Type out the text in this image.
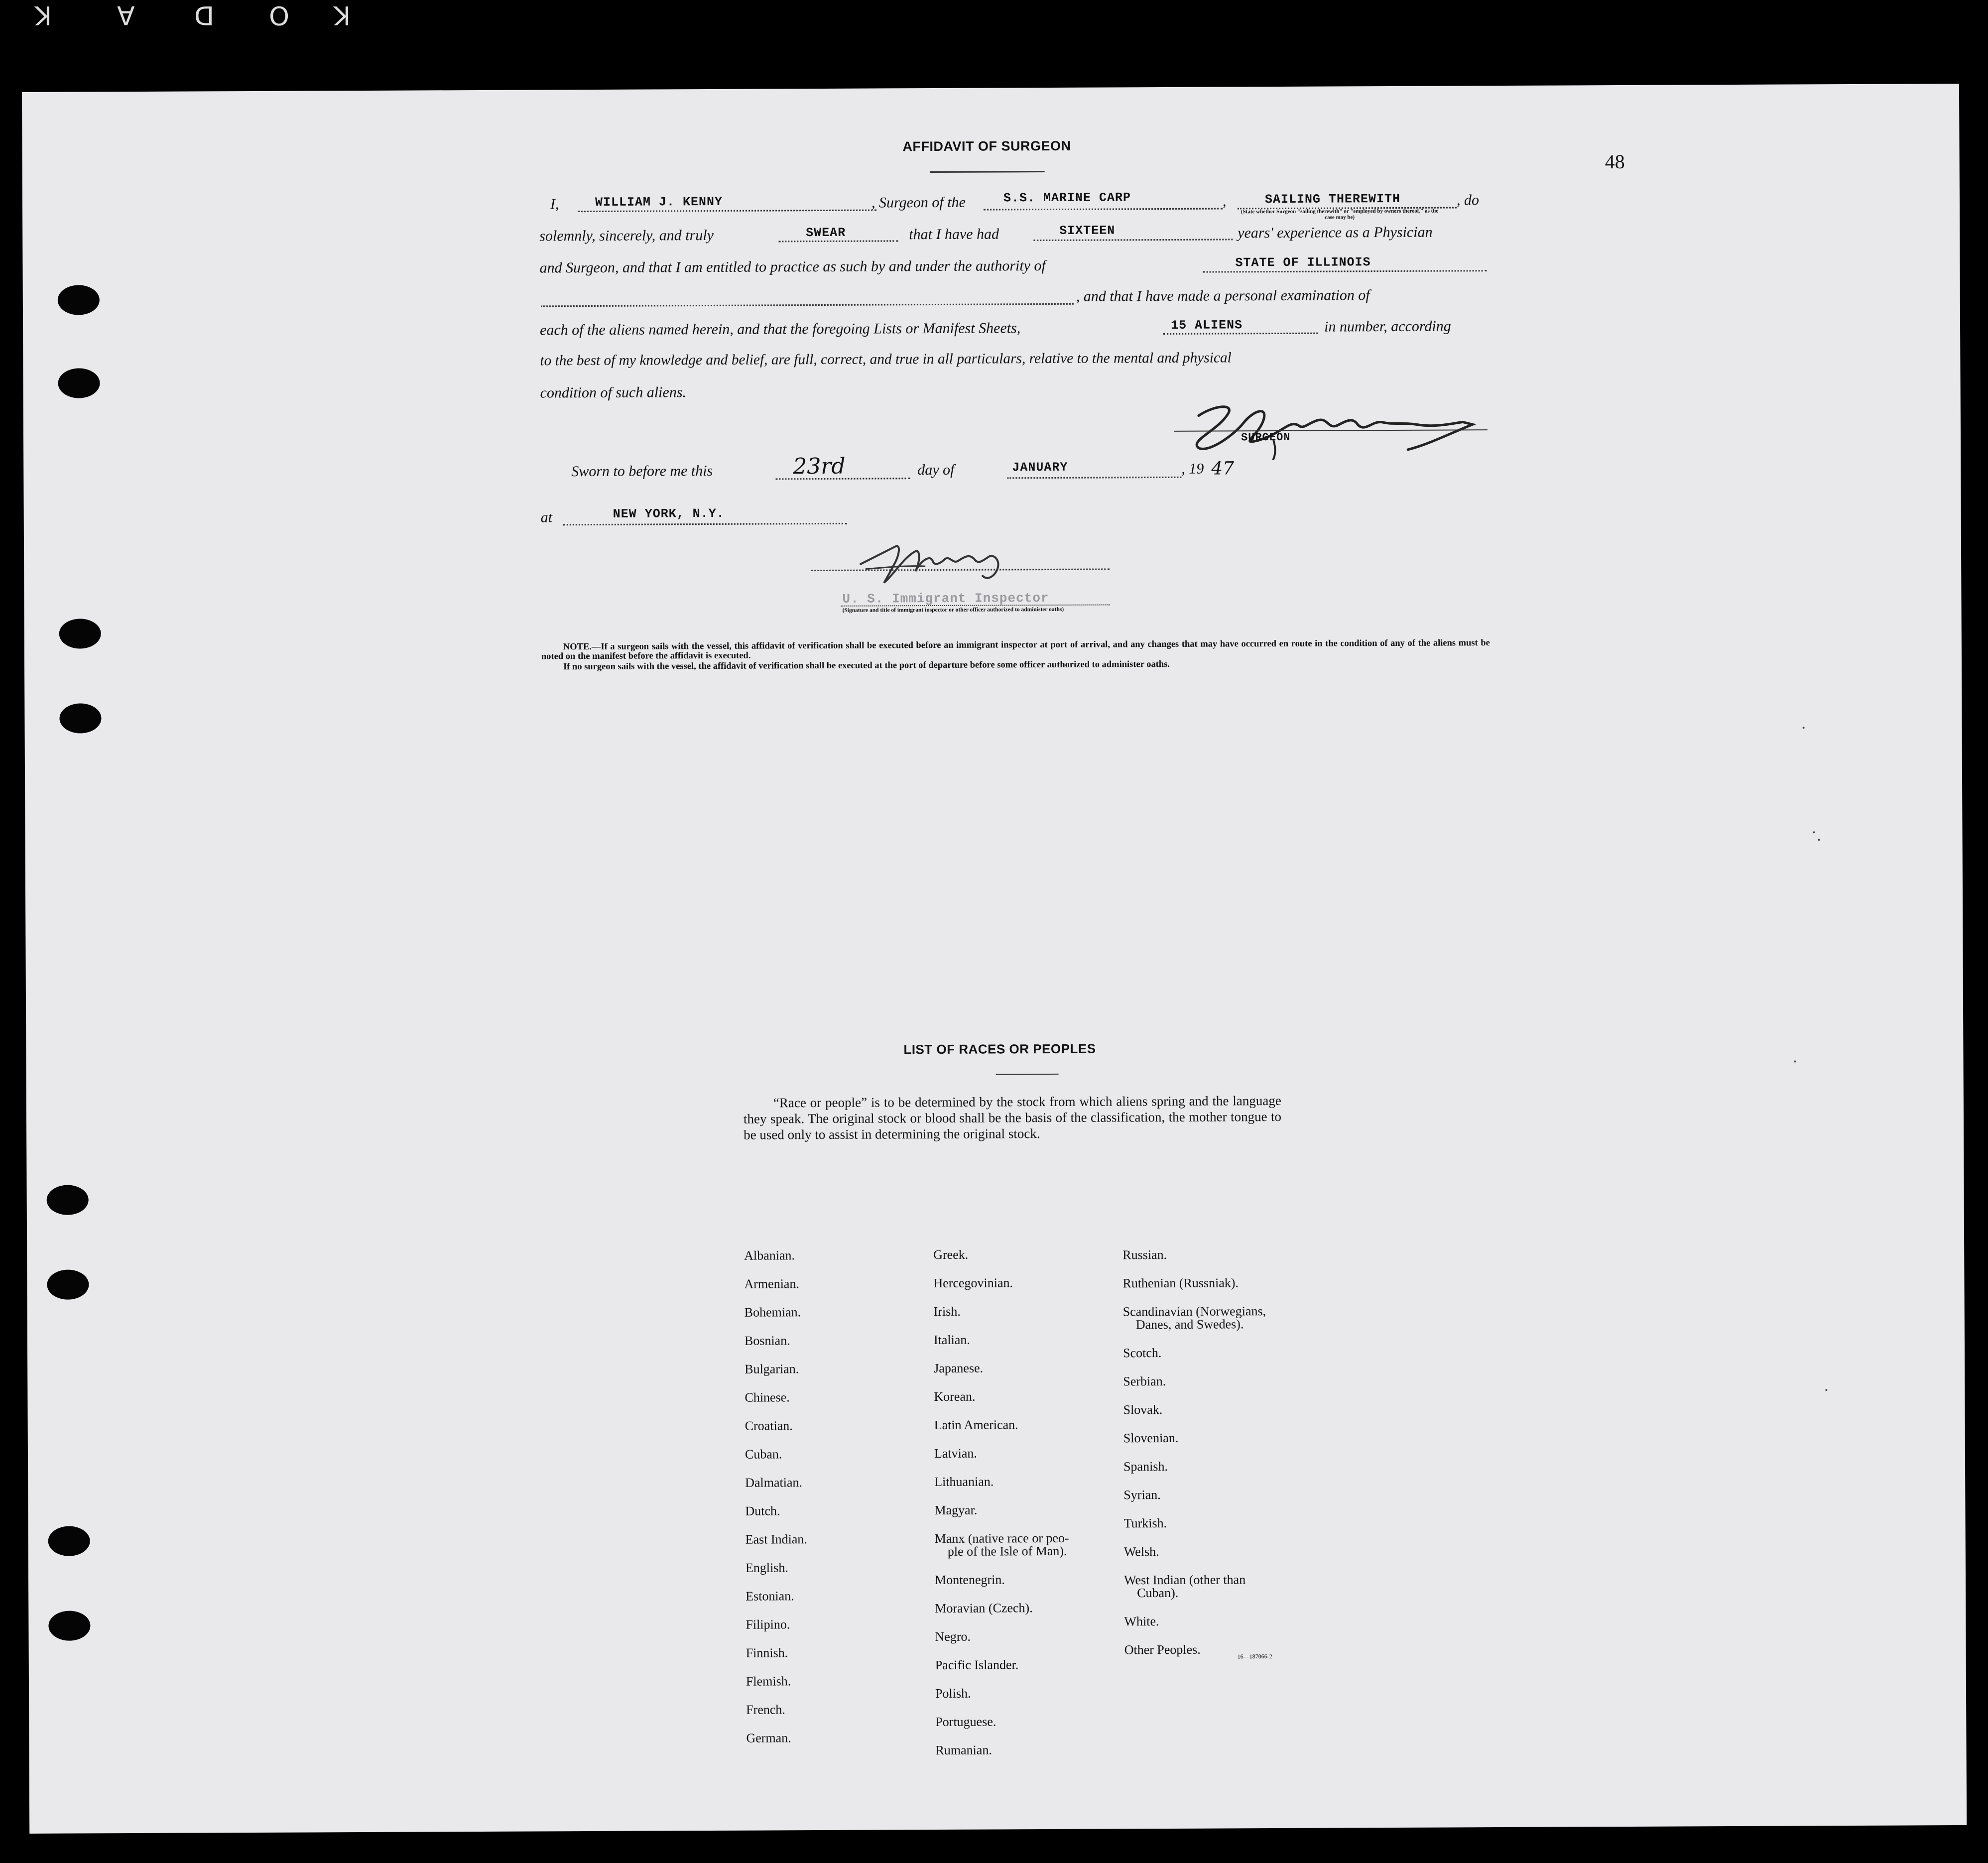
K	A D O K
48
AFFIDAVIT OF SURGEON
I,	WILLIAM J. KENNY	, Surgeon of the	S.S. MARINE CARP	,	SAILING THEREWITH	, do
(State whether Surgeon "sailing therewith" or "employed by owners thereof," as the case may be)
solemnly, sincerely, and truly	SWEAR	that I have had	SIXTEEN	years' experience as a Physician
and Surgeon, and that I am entitled to practice as such by and under the authority of	STATE OF ILLINOIS
, and that I have made a personal examination of
each of the aliens named herein, and that the foregoing Lists or Manifest Sheets,	15 ALIENS	in number, according
to the best of my knowledge and belief, are full, correct, and true in all particulars, relative to the mental and physical
condition of such aliens.
SURGEON
Sworn to before me this	23rd	day of	JANUARY	, 19 47
at	NEW YORK, N.Y.
U. S. Immigrant Inspector
(Signature and title of immigrant inspector or other officer authorized to administer oaths)
NOTE.—If a surgeon sails with the vessel, this affidavit of verification shall be executed before an immigrant inspector at port of arrival, and any changes that may have occurred en route in the condition of any of the aliens must be noted on the manifest before the affidavit is executed.
If no surgeon sails with the vessel, the affidavit of verification shall be executed at the port of departure before some officer authorized to administer oaths.
LIST OF RACES OR PEOPLES
“Race or people” is to be determined by the stock from which aliens spring and the language they speak. The original stock or blood shall be the basis of the classification, the mother tongue to be used only to assist in determining the original stock.
Albanian.
Armenian.
Bohemian.
Bosnian.
Bulgarian.
Chinese.
Croatian.
Cuban.
Dalmatian.
Dutch.
East Indian.
English.
Estonian.
Filipino.
Finnish.
Flemish.
French.
German.
Greek.
Hercegovinian.
Irish.
Italian.
Japanese.
Korean.
Latin American.
Latvian.
Lithuanian.
Magyar.
Manx (native race or peo-
ple of the Isle of Man).
Montenegrin.
Moravian (Czech).
Negro.
Pacific Islander.
Polish.
Portuguese.
Rumanian.
Russian.
Ruthenian (Russniak).
Scandinavian (Norwegians,
Danes, and Swedes).
Scotch.
Serbian.
Slovak.
Slovenian.
Spanish.
Syrian.
Turkish.
Welsh.
West Indian (other than
Cuban).
White.
Other Peoples.	16—187066-2
